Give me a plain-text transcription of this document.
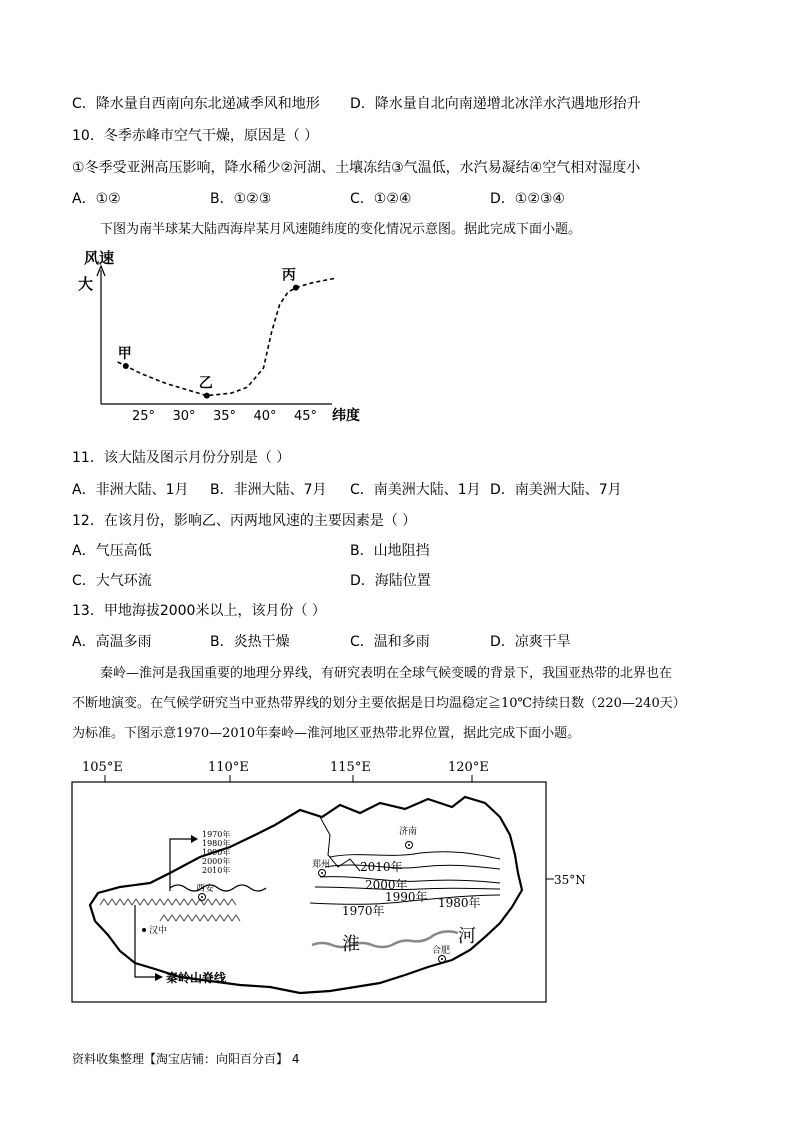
C．降水量自西南向东北递减季风和地形 D．降水量自北向南递增北冰洋水汽遇地形抬升
10．冬季赤峰市空气干燥，原因是（ ）
①冬季受亚洲高压影响，降水稀少②河湖、土壤冻结③气温低，水汽易凝结④空气相对湿度小
A．①②	B．①②③	C．①②④	D．①②③④
下图为南半球某大陆西海岸某月风速随纬度的变化情况示意图。据此完成下面小题。
风速
大
纬度
25° 30° 35° 40° 45°
甲
乙
丙
11．该大陆及图示月份分别是（ ）
A．非洲大陆、1月 B．非洲大陆、7月 C．南美洲大陆、1月 D．南美洲大陆、7月
12．在该月份，影响乙、丙两地风速的主要因素是（ ）
A．气压高低	B．山地阻挡
C．大气环流	D．海陆位置
13．甲地海拔2000米以上，该月份（ ）
A．高温多雨	B．炎热干燥	C．温和多雨	D．凉爽干旱
秦岭—淮河是我国重要的地理分界线，有研究表明在全球气候变暖的背景下，我国亚热带的北界也在
不断地演变。在气候学研究当中亚热带界线的划分主要依据是日均温稳定≧10℃持续日数（220—240天）
为标准。下图示意1970—2010年秦岭—淮河地区亚热带北界位置，据此完成下面小题。
105°E	110°E	115°E	120°E
35°N
2010年
2000年
1990年 1980年
1970年
淮	河
济南
郑州
西安
汉中
合肥
1970年
1980年
1990年
2000年
2010年
秦岭山脊线
资料收集整理【淘宝店铺：向阳百分百】 4
